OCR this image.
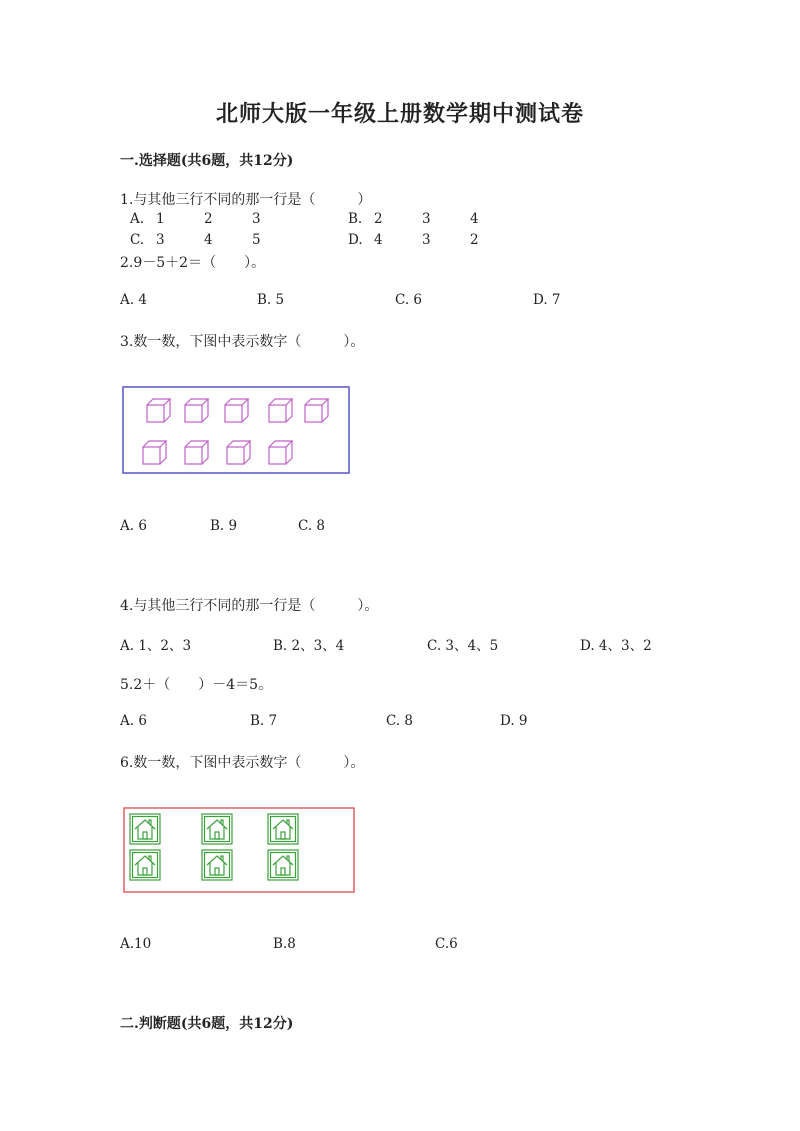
北师大版一年级上册数学期中测试卷
一.选择题(共6题，共12分)
1.与其他三行不同的那一行是（　　　）
A. 1	2	3	B. 2	3	4
C. 3	4	5	D. 4	3	2
2.9－5＋2＝（　　）。
A. 4	B. 5	C. 6	D. 7
3.数一数，下图中表示数字（　　　）。
A. 6	B. 9	C. 8
4.与其他三行不同的那一行是（　　　）。
A. 1、2、3	B. 2、3、4	C. 3、4、5	D. 4、3、2
5.2＋（　　）－4＝5。
A. 6	B. 7	C. 8	D. 9
6.数一数，下图中表示数字（　　　）。
A.10	B.8	C.6
二.判断题(共6题，共12分)
